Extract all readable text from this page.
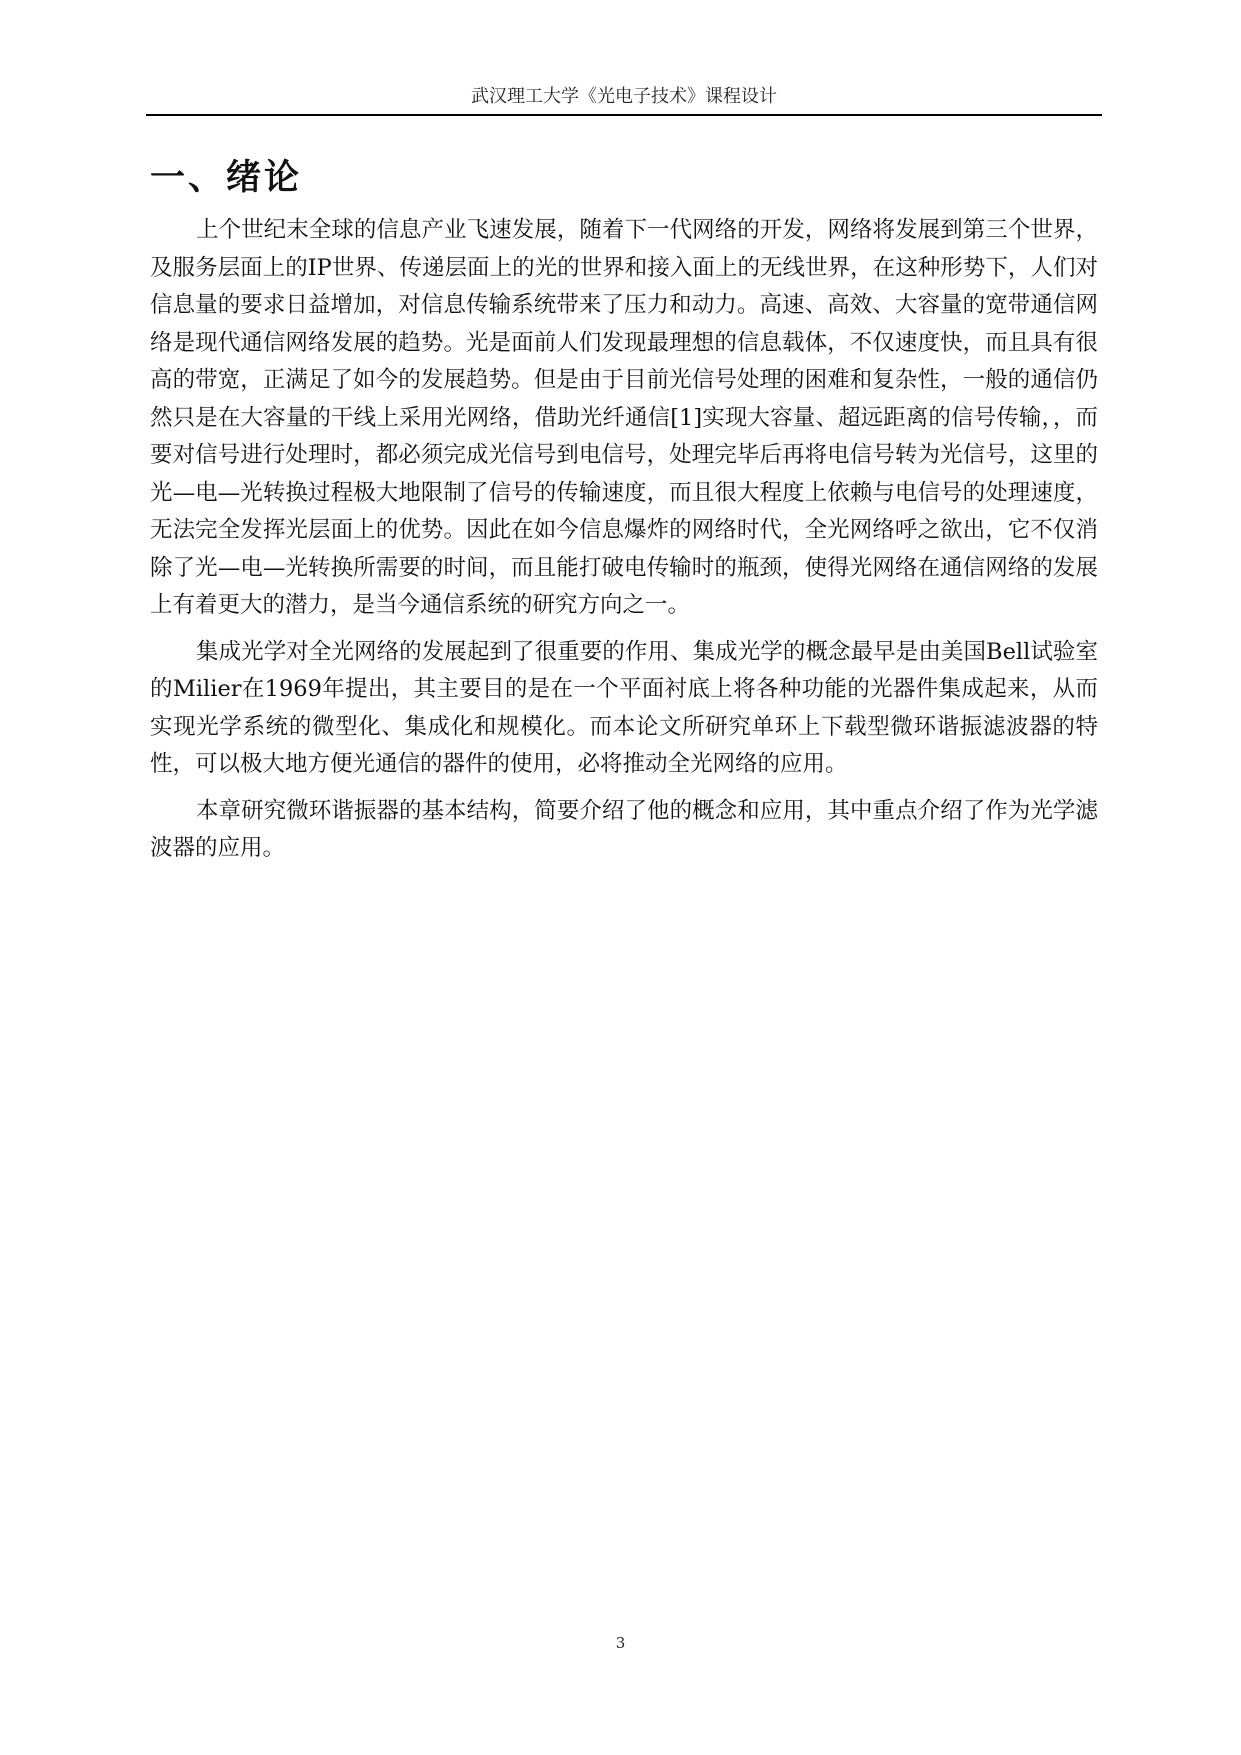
武汉理工大学《光电子技术》课程设计
一、绪论

上个世纪末全球的信息产业飞速发展，随着下一代网络的开发，网络将发展到第三个世界，及服务层面上的IP世界、传递层面上的光的世界和接入面上的无线世界，在这种形势下，人们对信息量的要求日益增加，对信息传输系统带来了压力和动力。高速、高效、大容量的宽带通信网络是现代通信网络发展的趋势。光是面前人们发现最理想的信息载体，不仅速度快，而且具有很高的带宽，正满足了如今的发展趋势。但是由于目前光信号处理的困难和复杂性，一般的通信仍然只是在大容量的干线上采用光网络，借助光纤通信[1]实现大容量、超远距离的信号传输，，而要对信号进行处理时，都必须完成光信号到电信号，处理完毕后再将电信号转为光信号，这里的光—电—光转换过程极大地限制了信号的传输速度，而且很大程度上依赖与电信号的处理速度，无法完全发挥光层面上的优势。因此在如今信息爆炸的网络时代，全光网络呼之欲出，它不仅消除了光—电—光转换所需要的时间，而且能打破电传输时的瓶颈，使得光网络在通信网络的发展上有着更大的潜力，是当今通信系统的研究方向之一。

集成光学对全光网络的发展起到了很重要的作用、集成光学的概念最早是由美国Bell试验室的Milier在1969年提出，其主要目的是在一个平面衬底上将各种功能的光器件集成起来，从而实现光学系统的微型化、集成化和规模化。而本论文所研究单环上下载型微环谐振滤波器的特性，可以极大地方便光通信的器件的使用，必将推动全光网络的应用。

本章研究微环谐振器的基本结构，简要介绍了他的概念和应用，其中重点介绍了作为光学滤波器的应用。

3
